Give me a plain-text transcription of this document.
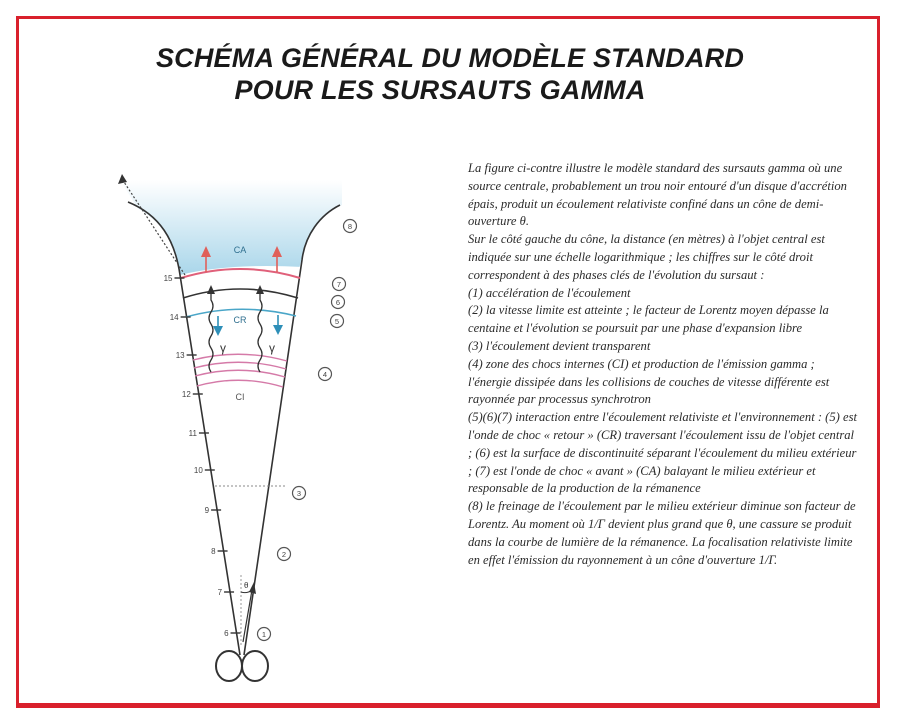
SCHÉMA GÉNÉRAL DU MODÈLE STANDARD

POUR LES SURSAUTS GAMMA
CA
CR
CI
γ	γ
θ
6
7
8
9
10
11
12
13
14
15
1
2
3
4
5
6
7
8

La figure ci-contre illustre le modèle standard des sursauts gamma où une source centrale, probablement un trou noir entouré d'un disque d'accrétion épais, produit un écoulement relativiste confiné dans un cône de demi-ouverture θ.

Sur le côté gauche du cône, la distance (en mètres) à l'objet central est indiquée sur une échelle logarithmique ; les chiffres sur le côté droit correspondent à des phases clés de l'évolution du sursaut :

(1) accélération de l'écoulement

(2) la vitesse limite est atteinte ; le facteur de Lorentz moyen dépasse la centaine et l'évolution se poursuit par une phase d'expansion libre

(3) l'écoulement devient transparent

(4) zone des chocs internes (CI) et production de l'émission gamma ; l'énergie dissipée dans les collisions de couches de vitesse différente est rayonnée par processus synchrotron

(5)(6)(7) interaction entre l'écoulement relativiste et l'environnement : (5) est l'onde de choc « retour » (CR) traversant l'écoulement issu de l'objet central ; (6) est la surface de discontinuité séparant l'écoulement du milieu extérieur ; (7) est l'onde de choc « avant » (CA) balayant le milieu extérieur et responsable de la production de la rémanence

(8) le freinage de l'écoulement par le milieu extérieur diminue son facteur de Lorentz. Au moment où 1/Γ devient plus grand que θ, une cassure se produit dans la courbe de lumière de la rémanence. La focalisation relativiste limite en effet l'émission du rayonnement à un cône d'ouverture 1/Γ.
